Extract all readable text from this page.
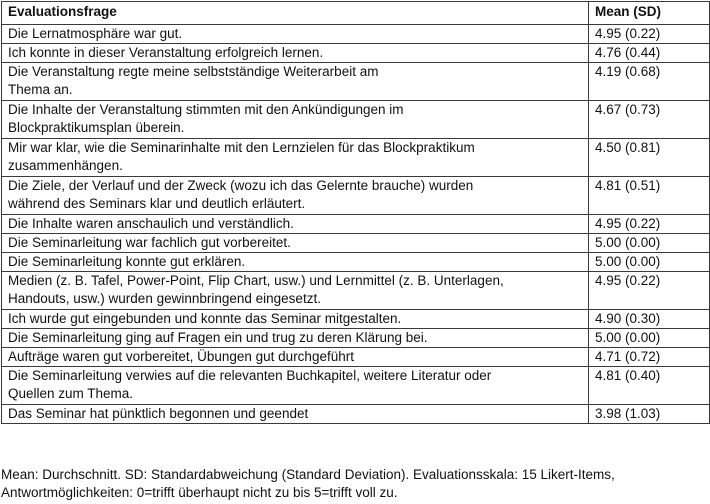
Evaluationsfrage	Mean (SD)
Die Lernatmosphäre war gut.	4.95 (0.22)
Ich konnte in dieser Veranstaltung erfolgreich lernen.	4.76 (0.44)
Die Veranstaltung regte meine selbstständige Weiterarbeit am
Thema an.	4.19 (0.68)
Die Inhalte der Veranstaltung stimmten mit den Ankündigungen im
Blockpraktikumsplan überein.	4.67 (0.73)
Mir war klar, wie die Seminarinhalte mit den Lernzielen für das Blockpraktikum
zusammenhängen.	4.50 (0.81)
Die Ziele, der Verlauf und der Zweck (wozu ich das Gelernte brauche) wurden
während des Seminars klar und deutlich erläutert.	4.81 (0.51)
Die Inhalte waren anschaulich und verständlich.	4.95 (0.22)
Die Seminarleitung war fachlich gut vorbereitet.	5.00 (0.00)
Die Seminarleitung konnte gut erklären.	5.00 (0.00)
Medien (z. B. Tafel, Power-Point, Flip Chart, usw.) und Lernmittel (z. B. Unterlagen,
Handouts, usw.) wurden gewinnbringend eingesetzt.	4.95 (0.22)
Ich wurde gut eingebunden und konnte das Seminar mitgestalten.	4.90 (0.30)
Die Seminarleitung ging auf Fragen ein und trug zu deren Klärung bei.	5.00 (0.00)
Aufträge waren gut vorbereitet, Übungen gut durchgeführt	4.71 (0.72)
Die Seminarleitung verwies auf die relevanten Buchkapitel, weitere Literatur oder
Quellen zum Thema.	4.81 (0.40)
Das Seminar hat pünktlich begonnen und geendet	3.98 (1.03)
Mean: Durchschnitt. SD: Standardabweichung (Standard Deviation). Evaluationsskala: 15 Likert-Items,
Antwortmöglichkeiten: 0=trifft überhaupt nicht zu bis 5=trifft voll zu.
